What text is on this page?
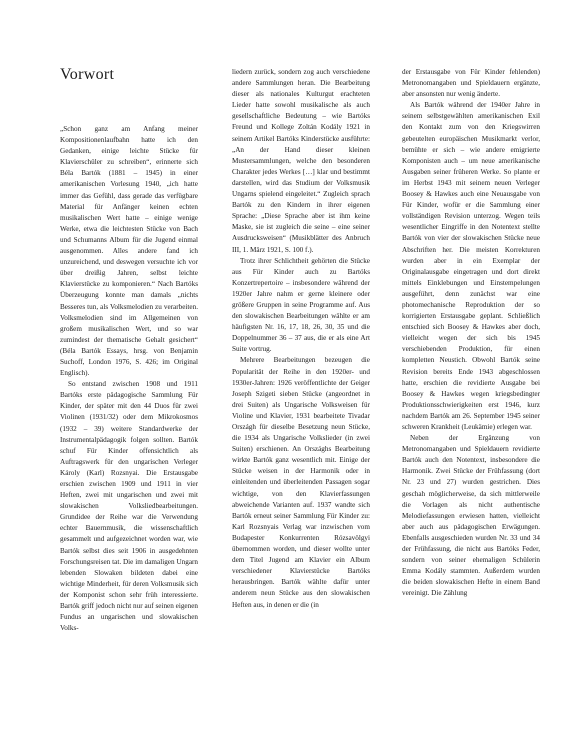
Vorwort

„Schon ganz am Anfang meiner Kompositionenlaufbahn hatte ich den Gedanken, einige leichte Stücke für Klavierschüler zu schreiben“, erinnerte sich Béla Bartók (1881 – 1945) in einer amerikanischen Vorlesung 1940, „ich hatte immer das Gefühl, dass gerade das verfügbare Material für Anfänger keinen echten musikalischen Wert hatte – einige wenige Werke, etwa die leichtesten Stücke von Bach und Schumanns Album für die Jugend einmal ausgenommen. Alles andere fand ich unzureichend, und deswegen versuchte ich vor über dreißig Jahren, selbst leichte Klavierstücke zu komponieren.“ Nach Bartóks Überzeugung konnte man damals „nichts Besseres tun, als Volksmelodien zu verarbeiten. Volksmelodien sind im Allgemeinen von großem musikalischen Wert, und so war zumindest der thematische Gehalt gesichert“ (Béla Bartók Essays, hrsg. von Benjamin Suchoff, London 1976, S. 426; im Original Englisch).

So entstand zwischen 1908 und 1911 Bartóks erste pädagogische Sammlung Für Kinder, der später mit den 44 Duos für zwei Violinen (1931/32) oder dem Mikrokosmos (1932 – 39) weitere Standardwerke der Instrumentalpädagogik folgen sollten. Bartók schuf Für Kinder offensichtlich als Auftragswerk für den ungarischen Verleger Károly (Karl) Rozsnyai. Die Erstausgabe erschien zwischen 1909 und 1911 in vier Heften, zwei mit ungarischen und zwei mit slowakischen Volksliedbearbeitungen. Grundidee der Reihe war die Verwendung echter Bauernmusik, die wissenschaftlich gesammelt und aufgezeichnet worden war, wie Bartók selbst dies seit 1906 in ausgedehnten Forschungsreisen tat. Die im damaligen Ungarn lebenden Slowaken bildeten dabei eine wichtige Minderheit, für deren Volksmusik sich der Komponist schon sehr früh interessierte. Bartók griff jedoch nicht nur auf seinen eigenen Fundus an ungarischen und slowakischen Volks-

liedern zurück, sondern zog auch verschiedene andere Sammlungen heran. Die Bearbeitung dieser als nationales Kulturgut erachteten Lieder hatte sowohl musikalische als auch gesellschaftliche Bedeutung – wie Bartóks Freund und Kollege Zoltán Kodály 1921 in seinem Artikel Bartóks Kinderstücke ausführte: „An der Hand dieser kleinen Mustersammlungen, welche den besonderen Charakter jedes Werkes […] klar und bestimmt darstellen, wird das Studium der Volksmusik Ungarns spielend eingeleitet.“ Zugleich sprach Bartók zu den Kindern in ihrer eigenen Sprache: „Diese Sprache aber ist ihm keine Maske, sie ist zugleich die seine – eine seiner Ausdrucksweisen“ (Musikblätter des Anbruch III, 1. März 1921, S. 100 f.).

Trotz ihrer Schlichtheit gehörten die Stücke aus Für Kinder auch zu Bartóks Konzertrepertoire – insbesondere während der 1920er Jahre nahm er gerne kleinere oder größere Gruppen in seine Programme auf. Aus den slowakischen Bearbeitungen wählte er am häufigsten Nr. 16, 17, 18, 26, 30, 35 und die Doppelnummer 36 – 37 aus, die er als eine Art Suite vortrug.

Mehrere Bearbeitungen bezeugen die Popularität der Reihe in den 1920er- und 1930er-Jahren: 1926 veröffentlichte der Geiger Joseph Szigeti sieben Stücke (angeordnet in drei Suiten) als Ungarische Volksweisen für Violine und Klavier, 1931 bearbeitete Tivadar Országh für dieselbe Besetzung neun Stücke, die 1934 als Ungarische Volkslieder (in zwei Suiten) erschienen. An Országhs Bearbeitung wirkte Bartók ganz wesentlich mit. Einige der Stücke weisen in der Harmonik oder in einleitenden und überleitenden Passagen sogar wichtige, von den Klavierfassungen abweichende Varianten auf. 1937 wandte sich Bartók erneut seiner Sammlung Für Kinder zu: Karl Rozsnyais Verlag war inzwischen vom Budapester Konkurrenten Rózsavölgyi übernommen worden, und dieser wollte unter dem Titel Jugend am Klavier ein Album verschiedener Klavierstücke Bartóks herausbringen. Bartók wählte dafür unter anderem neun Stücke aus den slowakischen Heften aus, in denen er die (in

der Erstausgabe von Für Kinder fehlenden) Metronomangaben und Spieldauern ergänzte, aber ansonsten nur wenig änderte.

Als Bartók während der 1940er Jahre in seinem selbstgewählten amerikanischen Exil den Kontakt zum von den Kriegswirren gebeutelten europäischen Musikmarkt verlor, bemühte er sich – wie andere emigrierte Komponisten auch – um neue amerikanische Ausgaben seiner früheren Werke. So plante er im Herbst 1943 mit seinem neuen Verleger Boosey & Hawkes auch eine Neuausgabe von Für Kinder, wofür er die Sammlung einer vollständigen Revision unterzog. Wegen teils wesentlicher Eingriffe in den Notentext stellte Bartók von vier der slowakischen Stücke neue Abschriften her. Die meisten Korrekturen wurden aber in ein Exemplar der Originalausgabe eingetragen und dort direkt mittels Einklebungen und Einstempelungen ausgeführt, denn zunächst war eine photomechanische Reproduktion der so korrigierten Erstausgabe geplant. Schließlich entschied sich Boosey & Hawkes aber doch, vielleicht wegen der sich bis 1945 verschiebenden Produktion, für einen kompletten Neustich. Obwohl Bartók seine Revision bereits Ende 1943 abgeschlossen hatte, erschien die revidierte Ausgabe bei Boosey & Hawkes wegen kriegsbedingter Produktionsschwierigkeiten erst 1946, kurz nachdem Bartók am 26. September 1945 seiner schweren Krankheit (Leukämie) erlegen war.

Neben der Ergänzung von Metronomangaben und Spieldauern revidierte Bartók auch den Notentext, insbesondere die Harmonik. Zwei Stücke der Frühfassung (dort Nr. 23 und 27) wurden gestrichen. Dies geschah möglicherweise, da sich mittlerweile die Vorlagen als nicht authentische Melodiefassungen erwiesen hatten, vielleicht aber auch aus pädagogischen Erwägungen. Ebenfalls ausgeschieden wurden Nr. 33 und 34 der Frühfassung, die nicht aus Bartóks Feder, sondern von seiner ehemaligen Schülerin Emma Kodály stammten. Außerdem wurden die beiden slowakischen Hefte in einem Band vereinigt. Die Zählung
